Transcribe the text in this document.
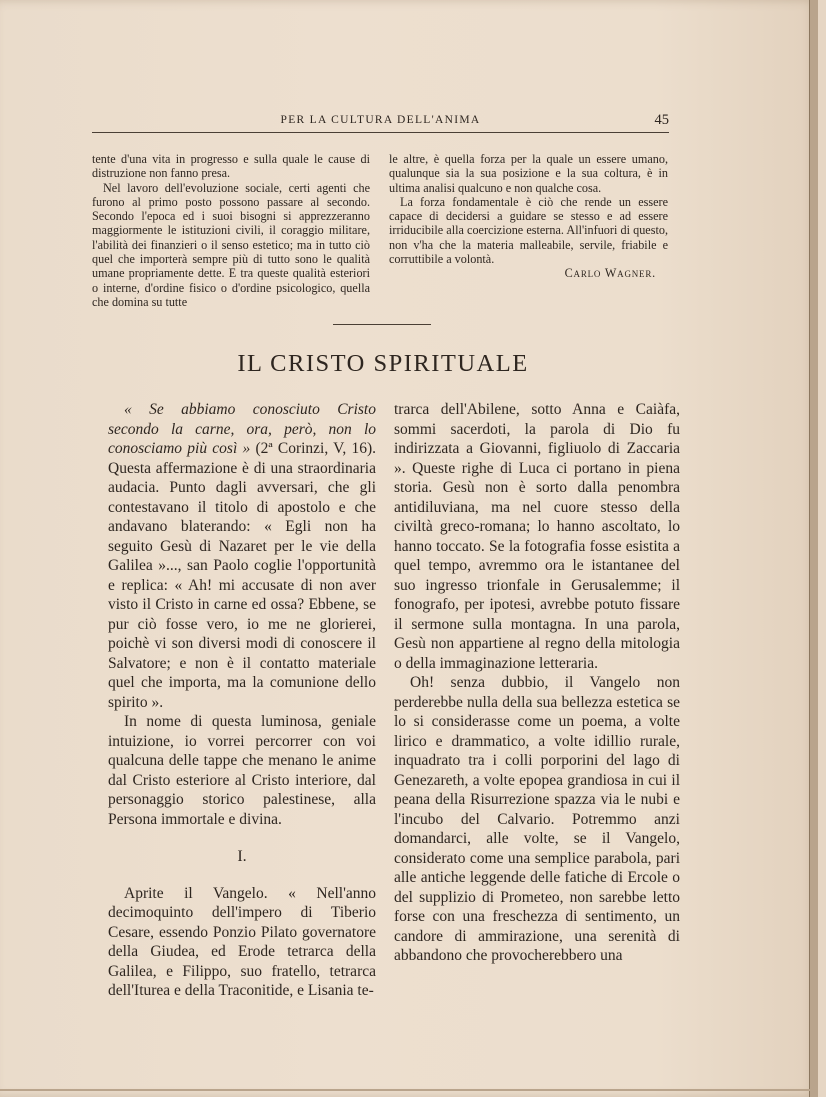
PER LA CULTURA DELL'ANIMA	45

tente d'una vita in progresso e sulla quale le cause di distruzione non fanno presa.

Nel lavoro dell'evoluzione sociale, certi agenti che furono al primo posto possono passare al secondo. Secondo l'epoca ed i suoi bisogni si apprezzeranno maggiormente le istituzioni civili, il coraggio militare, l'abilità dei finanzieri o il senso estetico; ma in tutto ciò quel che importerà sempre più di tutto sono le qualità umane propriamente dette. E tra queste qualità esteriori o interne, d'ordine fisico o d'ordine psicologico, quella che domina su tutte

le altre, è quella forza per la quale un essere umano, qualunque sia la sua posizione e la sua coltura, è in ultima analisi qualcuno e non qualche cosa.

La forza fondamentale è ciò che rende un essere capace di decidersi a guidare se stesso e ad essere irriducibile alla coercizione esterna. All'infuori di questo, non v'ha che la materia malleabile, servile, friabile e corruttibile a volontà.

Carlo Wagner.

IL CRISTO SPIRITUALE

« Se abbiamo conosciuto Cristo secondo la carne, ora, però, non lo conosciamo più così » (2ª Corinzi, V, 16). Questa affermazione è di una straordinaria audacia. Punto dagli avversari, che gli contestavano il titolo di apostolo e che andavano blaterando: « Egli non ha seguito Gesù di Nazaret per le vie della Galilea »..., san Paolo coglie l'opportunità e replica: « Ah! mi accusate di non aver visto il Cristo in carne ed ossa? Ebbene, se pur ciò fosse vero, io me ne glorierei, poichè vi son diversi modi di conoscere il Salvatore; e non è il contatto materiale quel che importa, ma la comunione dello spirito ».

In nome di questa luminosa, geniale intuizione, io vorrei percorrer con voi qualcuna delle tappe che menano le anime dal Cristo esteriore al Cristo interiore, dal personaggio storico palestinese, alla Persona immortale e divina.

I.

Aprite il Vangelo. « Nell'anno decimoquinto dell'impero di Tiberio Cesare, essendo Ponzio Pilato governatore della Giudea, ed Erode tetrarca della Galilea, e Filippo, suo fratello, tetrarca dell'Iturea e della Traconitide, e Lisania te-

trarca dell'Abilene, sotto Anna e Caiàfa, sommi sacerdoti, la parola di Dio fu indirizzata a Giovanni, figliuolo di Zaccaria ». Queste righe di Luca ci portano in piena storia. Gesù non è sorto dalla penombra antidiluviana, ma nel cuore stesso della civiltà greco-romana; lo hanno ascoltato, lo hanno toccato. Se la fotografia fosse esistita a quel tempo, avremmo ora le istantanee del suo ingresso trionfale in Gerusalemme; il fonografo, per ipotesi, avrebbe potuto fissare il sermone sulla montagna. In una parola, Gesù non appartiene al regno della mitologia o della immaginazione letteraria.

Oh! senza dubbio, il Vangelo non perderebbe nulla della sua bellezza estetica se lo si considerasse come un poema, a volte lirico e drammatico, a volte idillio rurale, inquadrato tra i colli porporini del lago di Genezareth, a volte epopea grandiosa in cui il peana della Risurrezione spazza via le nubi e l'incubo del Calvario. Potremmo anzi domandarci, alle volte, se il Vangelo, considerato come una semplice parabola, pari alle antiche leggende delle fatiche di Ercole o del supplizio di Prometeo, non sarebbe letto forse con una freschezza di sentimento, un candore di ammirazione, una serenità di abbandono che provocherebbero una
